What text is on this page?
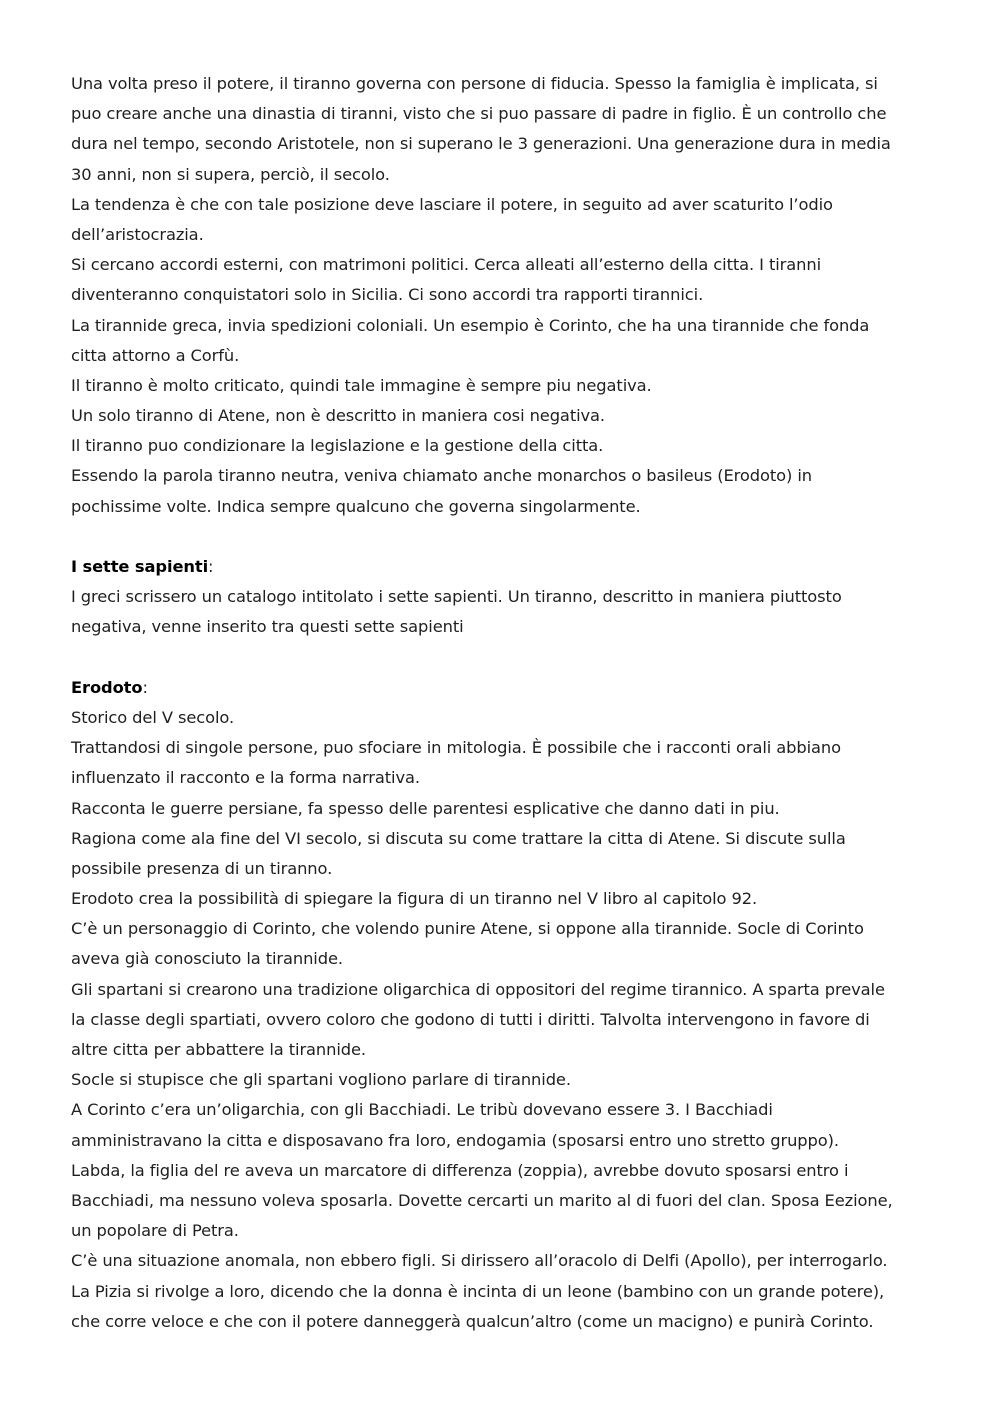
Una volta preso il potere, il tiranno governa con persone di fiducia. Spesso la famiglia è implicata, si
puo creare anche una dinastia di tiranni, visto che si puo passare di padre in figlio. È un controllo che
dura nel tempo, secondo Aristotele, non si superano le 3 generazioni. Una generazione dura in media
30 anni, non si supera, perciò, il secolo.
La tendenza è che con tale posizione deve lasciare il potere, in seguito ad aver scaturito l’odio
dell’aristocrazia.
Si cercano accordi esterni, con matrimoni politici. Cerca alleati all’esterno della citta. I tiranni
diventeranno conquistatori solo in Sicilia. Ci sono accordi tra rapporti tirannici.
La tirannide greca, invia spedizioni coloniali. Un esempio è Corinto, che ha una tirannide che fonda
citta attorno a Corfù.
Il tiranno è molto criticato, quindi tale immagine è sempre piu negativa.
Un solo tiranno di Atene, non è descritto in maniera cosi negativa.
Il tiranno puo condizionare la legislazione e la gestione della citta.
Essendo la parola tiranno neutra, veniva chiamato anche monarchos o basileus (Erodoto) in
pochissime volte. Indica sempre qualcuno che governa singolarmente.
I sette sapienti:
I greci scrissero un catalogo intitolato i sette sapienti. Un tiranno, descritto in maniera piuttosto
negativa, venne inserito tra questi sette sapienti
Erodoto:
Storico del V secolo.
Trattandosi di singole persone, puo sfociare in mitologia. È possibile che i racconti orali abbiano
influenzato il racconto e la forma narrativa.
Racconta le guerre persiane, fa spesso delle parentesi esplicative che danno dati in piu.
Ragiona come ala fine del VI secolo, si discuta su come trattare la citta di Atene. Si discute sulla
possibile presenza di un tiranno.
Erodoto crea la possibilità di spiegare la figura di un tiranno nel V libro al capitolo 92.
C’è un personaggio di Corinto, che volendo punire Atene, si oppone alla tirannide. Socle di Corinto
aveva già conosciuto la tirannide.
Gli spartani si crearono una tradizione oligarchica di oppositori del regime tirannico. A sparta prevale
la classe degli spartiati, ovvero coloro che godono di tutti i diritti. Talvolta intervengono in favore di
altre citta per abbattere la tirannide.
Socle si stupisce che gli spartani vogliono parlare di tirannide.
A Corinto c’era un’oligarchia, con gli Bacchiadi. Le tribù dovevano essere 3. I Bacchiadi
amministravano la citta e disposavano fra loro, endogamia (sposarsi entro uno stretto gruppo).
Labda, la figlia del re aveva un marcatore di differenza (zoppia), avrebbe dovuto sposarsi entro i
Bacchiadi, ma nessuno voleva sposarla. Dovette cercarti un marito al di fuori del clan. Sposa Eezione,
un popolare di Petra.
C’è una situazione anomala, non ebbero figli. Si dirissero all’oracolo di Delfi (Apollo), per interrogarlo.
La Pizia si rivolge a loro, dicendo che la donna è incinta di un leone (bambino con un grande potere),
che corre veloce e che con il potere danneggerà qualcun’altro (come un macigno) e punirà Corinto.
